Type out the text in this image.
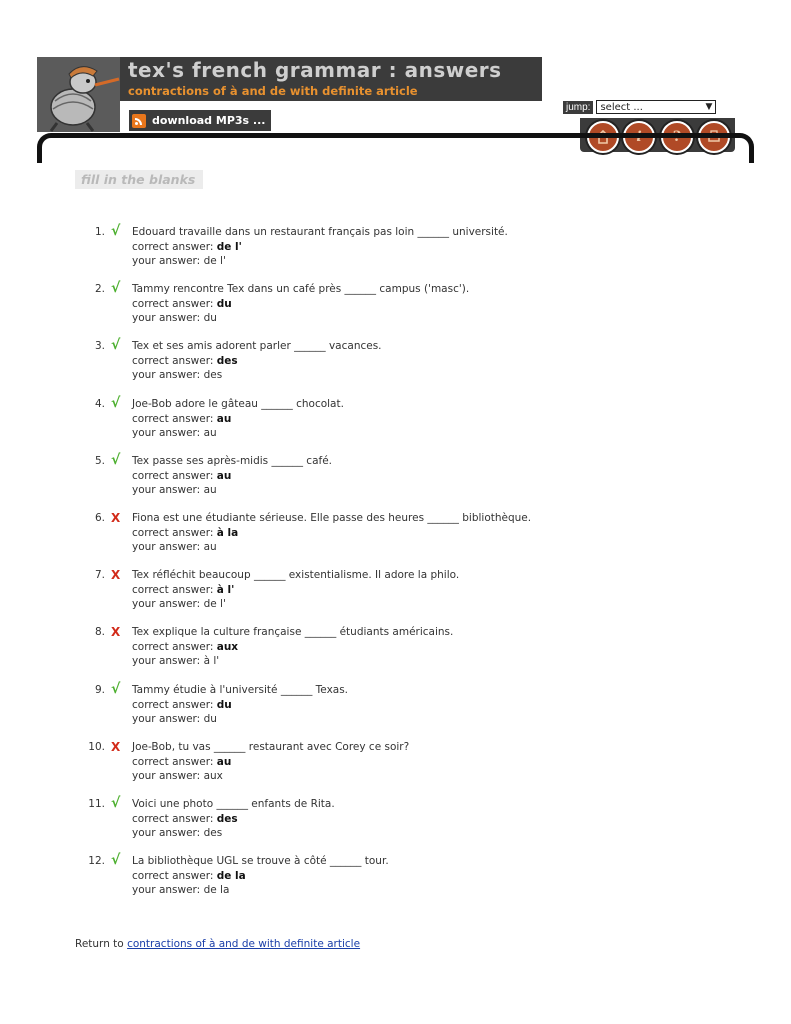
tex's french grammar : answers
contractions of à and de with definite article
download MP3s ...
jump:	select ...	▼
i ?
fill in the blanks
1. √ Edouard travaille dans un restaurant français pas loin ______ université.
correct answer: de l'
your answer: de l'
2. √ Tammy rencontre Tex dans un café près ______ campus ('masc').
correct answer: du
your answer: du
3. √ Tex et ses amis adorent parler ______ vacances.
correct answer: des
your answer: des
4. √ Joe-Bob adore le gâteau ______ chocolat.
correct answer: au
your answer: au
5. √ Tex passe ses après-midis ______ café.
correct answer: au
your answer: au
6. X Fiona est une étudiante sérieuse. Elle passe des heures ______ bibliothèque.
correct answer: à la
your answer: au
7. X Tex réfléchit beaucoup ______ existentialisme. Il adore la philo.
correct answer: à l'
your answer: de l'
8. X Tex explique la culture française ______ étudiants américains.
correct answer: aux
your answer: à l'
9. √ Tammy étudie à l'université ______ Texas.
correct answer: du
your answer: du
10. X Joe-Bob, tu vas ______ restaurant avec Corey ce soir?
correct answer: au
your answer: aux
11. √ Voici une photo ______ enfants de Rita.
correct answer: des
your answer: des
12. √ La bibliothèque UGL se trouve à côté ______ tour.
correct answer: de la
your answer: de la
Return to contractions of à and de with definite article
